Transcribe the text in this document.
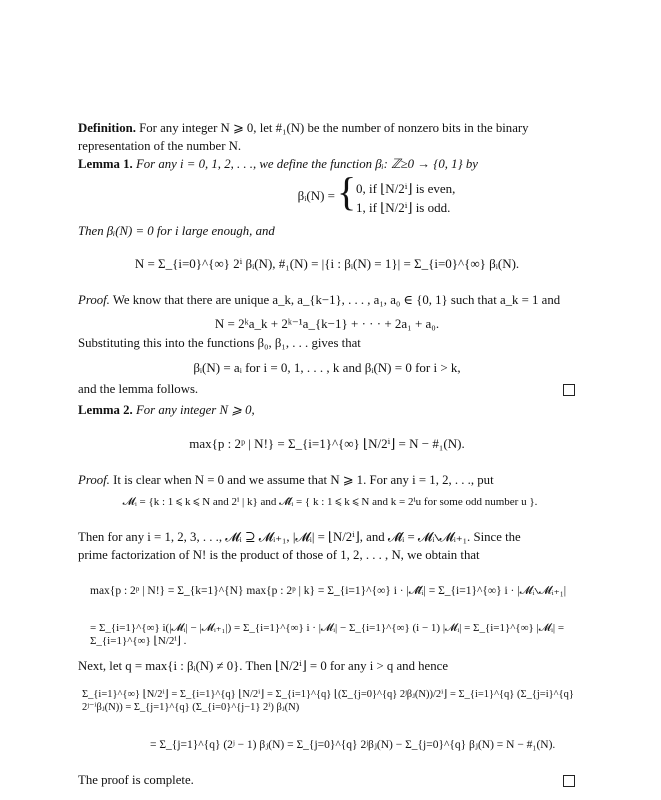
Definition. For any integer N ⩾ 0, let #₁(N) be the number of nonzero bits in the binary
representation of the number N.
Lemma 1. For any i = 0, 1, 2, . . ., we define the function βᵢ: ℤ≥0 → {0, 1} by
βᵢ(N) = { 0, if ⌊N/2ⁱ⌋ is even,
1, if ⌊N/2ⁱ⌋ is odd.
Then βᵢ(N) = 0 for i large enough, and
N = Σ_{i=0}^{∞} 2ⁱ βᵢ(N), #₁(N) = |{i : βᵢ(N) = 1}| = Σ_{i=0}^{∞} βᵢ(N).
Proof. We know that there are unique a_k, a_{k−1}, . . . , a₁, a₀ ∈ {0, 1} such that a_k = 1 and
N = 2ᵏa_k + 2ᵏ⁻¹a_{k−1} + · · · + 2a₁ + a₀.
Substituting this into the functions β₀, β₁, . . . gives that
βᵢ(N) = aᵢ for i = 0, 1, . . . , k and βᵢ(N) = 0 for i > k,
and the lemma follows.
Lemma 2. For any integer N ⩾ 0,
max{p : 2ᵖ | N!} = Σ_{i=1}^{∞} ⌊N/2ⁱ⌋ = N − #₁(N).
Proof. It is clear when N = 0 and we assume that N ⩾ 1. For any i = 1, 2, . . ., put
𝓜ᵢ = {k : 1 ⩽ k ⩽ N and 2ⁱ | k} and 𝓜̂ᵢ = { k : 1 ⩽ k ⩽ N and k = 2ⁱu for some odd number u }.
Then for any i = 1, 2, 3, . . ., 𝓜ᵢ ⊇ 𝓜ᵢ₊₁, |𝓜ᵢ| = ⌊N/2ⁱ⌋, and 𝓜̂ᵢ = 𝓜ᵢ∖𝓜ᵢ₊₁. Since the
prime factorization of N! is the product of those of 1, 2, . . . , N, we obtain that
max{p : 2ᵖ | N!} = Σ_{k=1}^{N} max{p : 2ᵖ | k} = Σ_{i=1}^{∞} i · |𝓜̂ᵢ| = Σ_{i=1}^{∞} i · |𝓜ᵢ∖𝓜ᵢ₊₁|
= Σ_{i=1}^{∞} i(|𝓜ᵢ| − |𝓜ᵢ₊₁|) = Σ_{i=1}^{∞} i · |𝓜ᵢ| − Σ_{i=1}^{∞} (i − 1) |𝓜ᵢ| = Σ_{i=1}^{∞} |𝓜ᵢ| = Σ_{i=1}^{∞} ⌊N/2ⁱ⌋ .
Next, let q = max{i : βᵢ(N) ≠ 0}. Then ⌊N/2ⁱ⌋ = 0 for any i > q and hence
Σ_{i=1}^{∞} ⌊N/2ⁱ⌋ = Σ_{i=1}^{q} ⌊N/2ⁱ⌋ = Σ_{i=1}^{q} ⌊(Σ_{j=0}^{q} 2ʲβⱼ(N))/2ⁱ⌋ = Σ_{i=1}^{q} (Σ_{j=i}^{q} 2ʲ⁻ⁱβⱼ(N)) = Σ_{j=1}^{q} (Σ_{i=0}^{j−1} 2ⁱ) βⱼ(N)
= Σ_{j=1}^{q} (2ʲ − 1) βⱼ(N) = Σ_{j=0}^{q} 2ʲβⱼ(N) − Σ_{j=0}^{q} βⱼ(N) = N − #₁(N).
The proof is complete.
